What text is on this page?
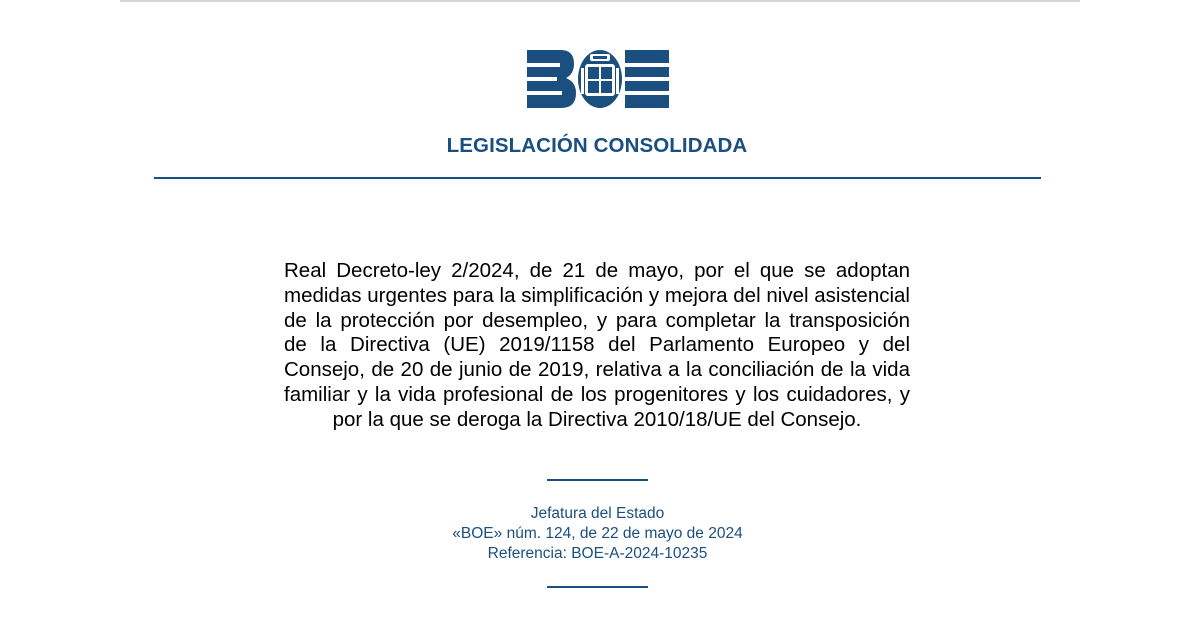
LEGISLACIÓN CONSOLIDADA

Real Decreto-ley 2/2024, de 21 de mayo, por el que se adoptan medidas urgentes para la simplificación y mejora del nivel asistencial de la protección por desempleo, y para completar la transposición de la Directiva (UE) 2019/1158 del Parlamento Europeo y del Consejo, de 20 de junio de 2019, relativa a la conciliación de la vida familiar y la vida profesional de los progenitores y los cuidadores, y por la que se deroga la Directiva 2010/18/UE del Consejo.

Jefatura del Estado

«BOE» núm. 124, de 22 de mayo de 2024

Referencia: BOE-A-2024-10235
